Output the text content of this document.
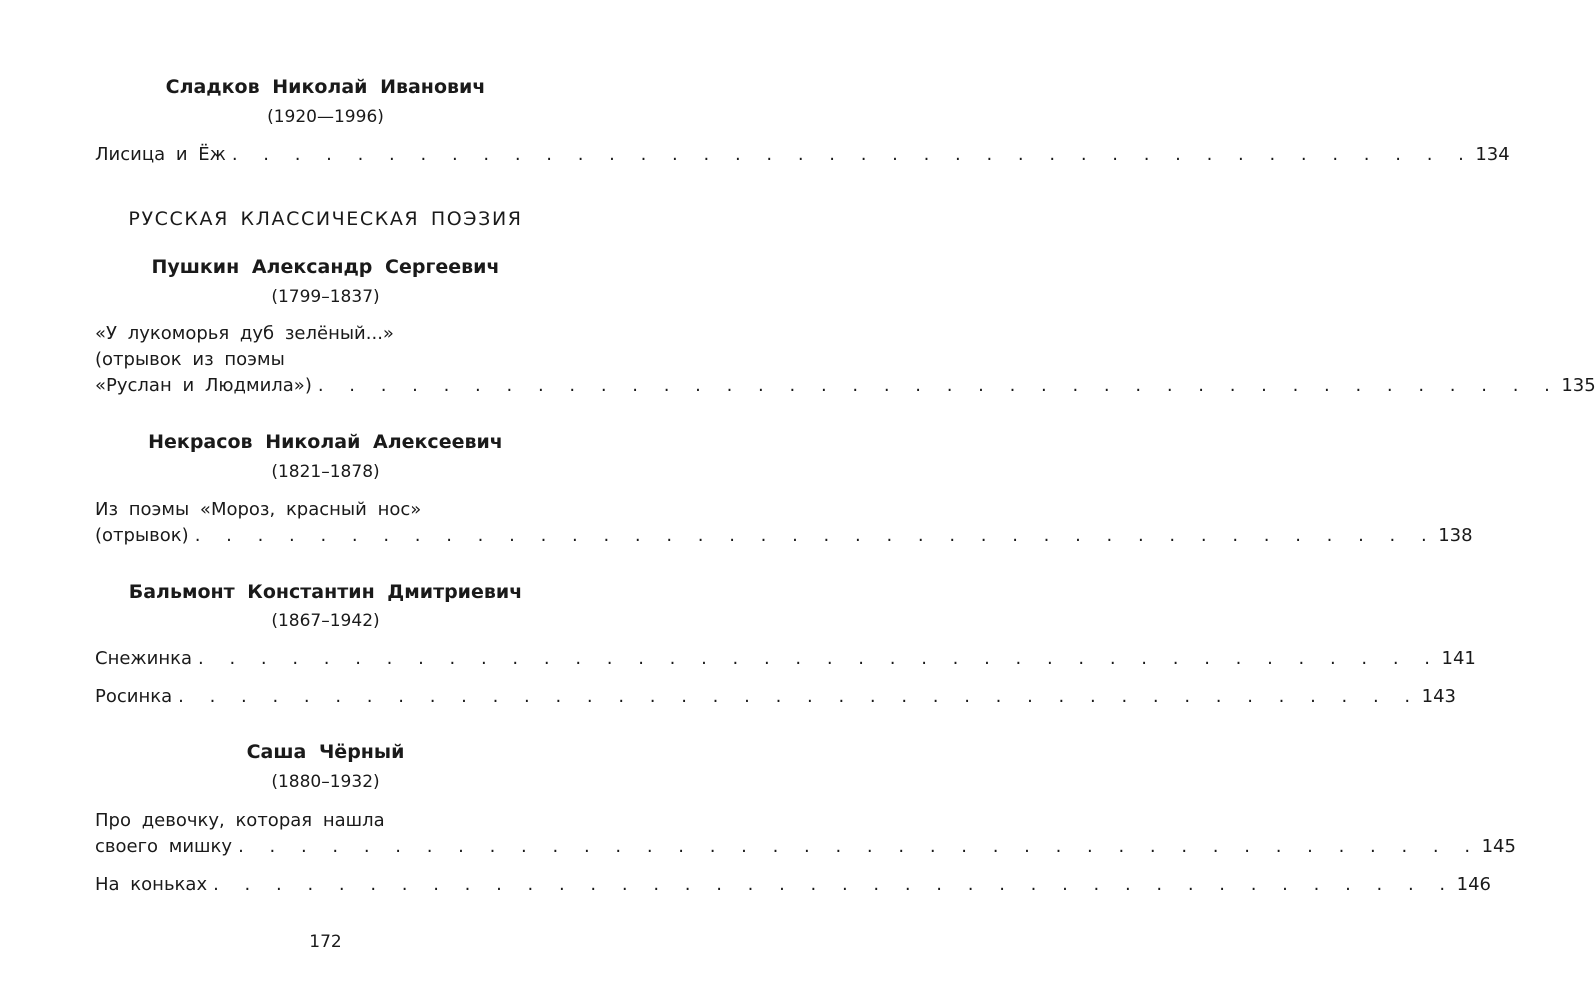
Сладков Николай Иванович
(1920—1996)
Лисица и Ёж . . . . . . . . . . . . . . . . . . . . . . . . . . . . . . . . . . . . . . . . 134
РУССКАЯ КЛАССИЧЕСКАЯ ПОЭЗИЯ
Пушкин Александр Сергеевич
(1799–1837)
«У лукоморья дуб зелёный...»
(отрывок из поэмы
«Руслан и Людмила») . . . . . . . . . . . . . . . . . . . . . . . . . . . . . . . . . . . . . . . . 135
Некрасов Николай Алексеевич
(1821–1878)
Из поэмы «Мороз, красный нос»
(отрывок) . . . . . . . . . . . . . . . . . . . . . . . . . . . . . . . . . . . . . . . . 138
Бальмонт Константин Дмитриевич
(1867–1942)
Снежинка . . . . . . . . . . . . . . . . . . . . . . . . . . . . . . . . . . . . . . . . 141
Росинка . . . . . . . . . . . . . . . . . . . . . . . . . . . . . . . . . . . . . . . . 143
Саша Чёрный
(1880–1932)
Про девочку, которая нашла
своего мишку . . . . . . . . . . . . . . . . . . . . . . . . . . . . . . . . . . . . . . . . 145
На коньках . . . . . . . . . . . . . . . . . . . . . . . . . . . . . . . . . . . . . . . . 146
172
